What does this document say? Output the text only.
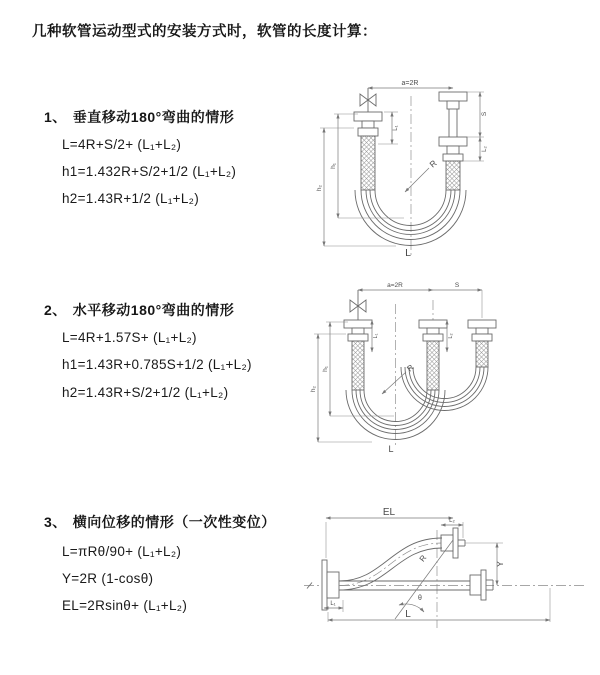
几种软管运动型式的安装方式时，软管的长度计算：
1、 垂直移动180°弯曲的情形
L=4R+S/2+ (L₁+L₂)
h1=1.432R+S/2+1/2 (L₁+L₂)
h2=1.43R+1/2 (L₁+L₂)
2、 水平移动180°弯曲的情形
L=4R+1.57S+ (L₁+L₂)
h1=1.43R+0.785S+1/2 (L₁+L₂)
h2=1.43R+S/2+1/2 (L₁+L₂)
3、 横向位移的情形（一次性变位）
L=πRθ/90+ (L₁+L₂)
Y=2R (1-cosθ)
EL=2Rsinθ+ (L₁+L₂)
a=2R
L₁
S
L₂
h₁
h₂
R
L
a=2R	S
L₁	L₂
h₁
h₂
R
L
EL
L₂
R
θ
Y
L₁
L
